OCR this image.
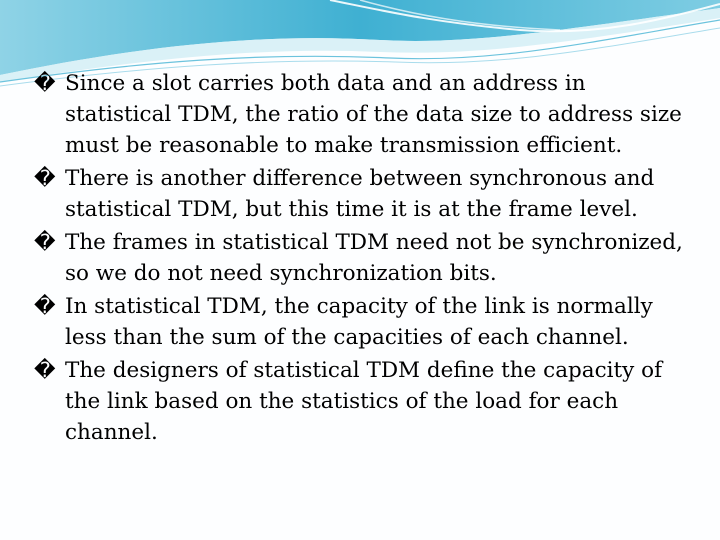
� Since a slot carries both data and an address in statistical TDM, the ratio of the data size to address size must be reasonable to make transmission efficient.
� There is another difference between synchronous and statistical TDM, but this time it is at the frame level.
� The frames in statistical TDM need not be synchronized, so we do not need synchronization bits.
� In statistical TDM, the capacity of the link is normally less than the sum of the capacities of each channel.
� The designers of statistical TDM define the capacity of the link based on the statistics of the load for each channel.
